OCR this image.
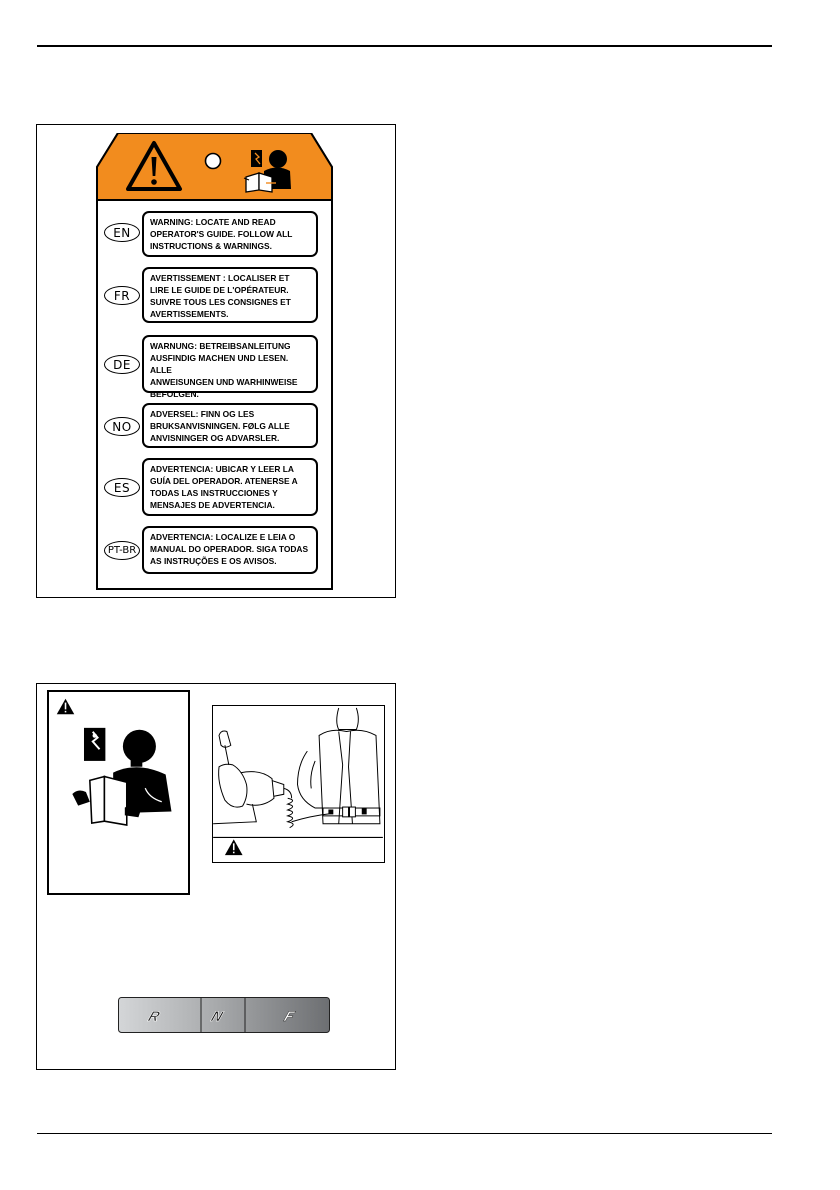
EN
WARNING: LOCATE AND READ
OPERATOR'S GUIDE. FOLLOW ALL
INSTRUCTIONS & WARNINGS.
FR
AVERTISSEMENT : LOCALISER ET
LIRE LE GUIDE DE L'OPÉRATEUR.
SUIVRE TOUS LES CONSIGNES ET
AVERTISSEMENTS.
DE
WARNUNG: BETREIBSANLEITUNG
AUSFINDIG MACHEN UND LESEN. ALLE
ANWEISUNGEN UND WARHINWEISE
BEFOLGEN.
NO
ADVERSEL: FINN OG LES
BRUKSANVISNINGEN. FØLG ALLE
ANVISNINGER OG ADVARSLER.
ES
ADVERTENCIA: UBICAR Y LEER LA
GUÍA DEL OPERADOR. ATENERSE A
TODAS LAS INSTRUCCIONES Y
MENSAJES DE ADVERTENCIA.
PT-BR
ADVERTENCIA: LOCALIZE E LEIA O
MANUAL DO OPERADOR. SIGA TODAS
AS INSTRUÇÕES E OS AVISOS.
R	N	F
